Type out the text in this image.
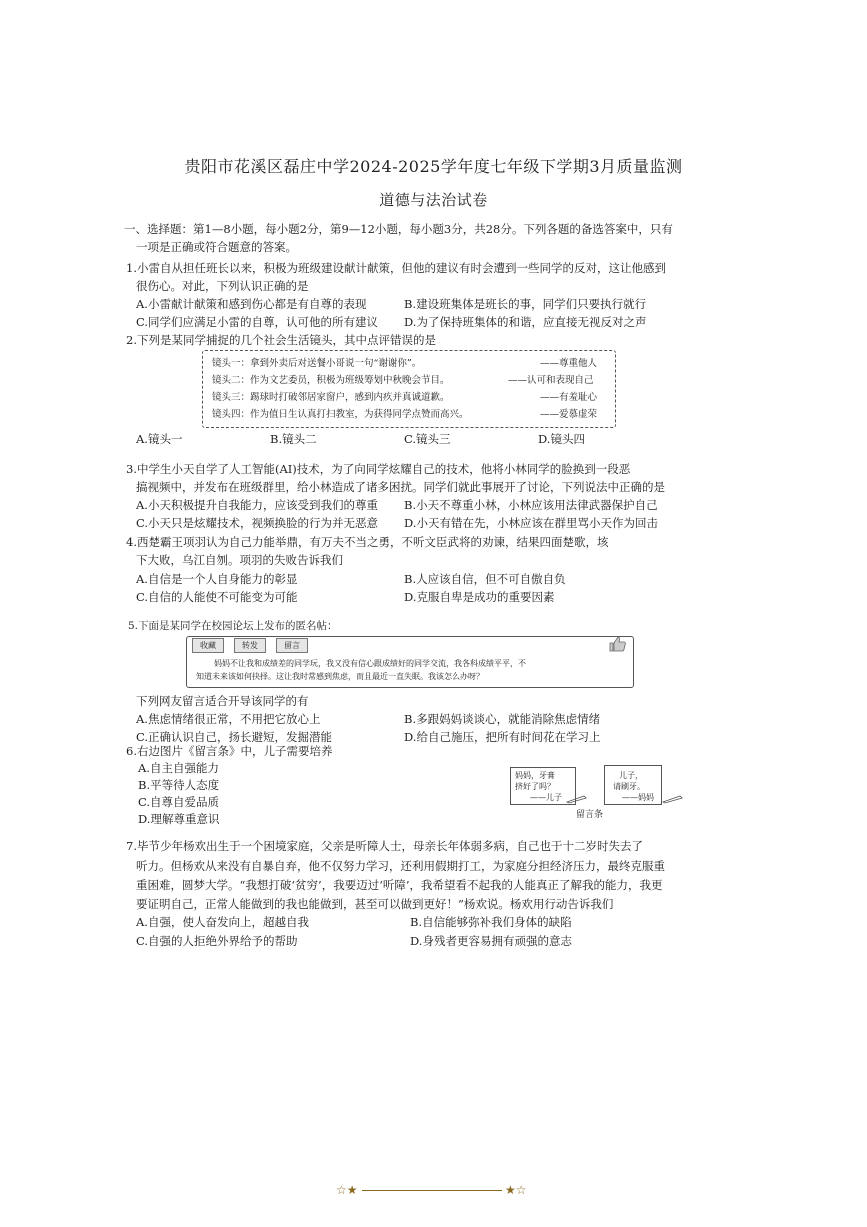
贵阳市花溪区磊庄中学2024-2025学年度七年级下学期3月质量监测
道德与法治试卷
一、选择题：第1—8小题，每小题2分，第9—12小题，每小题3分，共28分。下列各题的备选答案中，只有
一项是正确或符合题意的答案。
1.小雷自从担任班长以来，积极为班级建设献计献策，但他的建议有时会遭到一些同学的反对，这让他感到
很伤心。对此，下列认识正确的是
A.小雷献计献策和感到伤心都是有自尊的表现	B.建设班集体是班长的事，同学们只要执行就行
C.同学们应满足小雷的自尊，认可他的所有建议 D.为了保持班集体的和谐，应直接无视反对之声
2.下列是某同学捕捉的几个社会生活镜头，其中点评错误的是
镜头一：拿到外卖后对送餐小哥说一句“谢谢你”。	——尊重他人
镜头二：作为文艺委员，积极为班级筹划中秋晚会节目。	——认可和表现自己
镜头三：踢球时打破邻居家窗户，感到内疚并真诚道歉。	——有羞耻心
镜头四：作为值日生认真打扫教室，为获得同学点赞而高兴。	——爱慕虚荣
A.镜头一	B.镜头二	C.镜头三	D.镜头四
3.中学生小天自学了人工智能(AI)技术，为了向同学炫耀自己的技术，他将小林同学的脸换到一段恶
搞视频中，并发布在班级群里，给小林造成了诸多困扰。同学们就此事展开了讨论，下列说法中正确的是
A.小天积极提升自我能力，应该受到我们的尊重 B.小天不尊重小林，小林应该用法律武器保护自己
C.小天只是炫耀技术，视频换脸的行为并无恶意 D.小天有错在先，小林应该在群里骂小天作为回击
4.西楚霸王项羽认为自己力能举鼎，有万夫不当之勇，不听文臣武将的劝谏，结果四面楚歌，垓
下大败，乌江自刎。项羽的失败告诉我们
A.自信是一个人自身能力的彰显	B.人应该自信，但不可自傲自负
C.自信的人能使不可能变为可能	D.克服自卑是成功的重要因素
5.下面是某同学在校园论坛上发布的匿名帖：
收藏	转发	留言
妈妈不让我和成绩差的同学玩，我又没有信心跟成绩好的同学交流，我各科成绩平平，不
知道未来该如何抉择。这让我时常感到焦虑，而且最近一直失眠。我该怎么办呀？
下列网友留言适合开导该同学的有
A.焦虑情绪很正常，不用把它放心上	B.多跟妈妈谈谈心，就能消除焦虑情绪
C.正确认识自己，扬长避短，发掘潜能	D.给自己施压，把所有时间花在学习上
6.右边图片《留言条》中，儿子需要培养
A.自主自强能力
B.平等待人态度
C.自尊自爱品质
D.理解尊重意识
妈妈，牙膏
挤好了吗？
——儿子
儿子，
请刷牙。
——妈妈
留言条
7.毕节少年杨欢出生于一个困境家庭，父亲是听障人士，母亲长年体弱多病，自己也于十二岁时失去了
听力。但杨欢从来没有自暴自弃，他不仅努力学习，还利用假期打工，为家庭分担经济压力，最终克服重
重困难，圆梦大学。“我想打破‘贫穷’，我要迈过‘听障’，我希望看不起我的人能真正了解我的能力，我更
要证明自己，正常人能做到的我也能做到，甚至可以做到更好！”杨欢说。杨欢用行动告诉我们
A.自强，使人奋发向上，超越自我	B.自信能够弥补我们身体的缺陷
C.自强的人拒绝外界给予的帮助	D.身残者更容易拥有顽强的意志
☆★	★☆
